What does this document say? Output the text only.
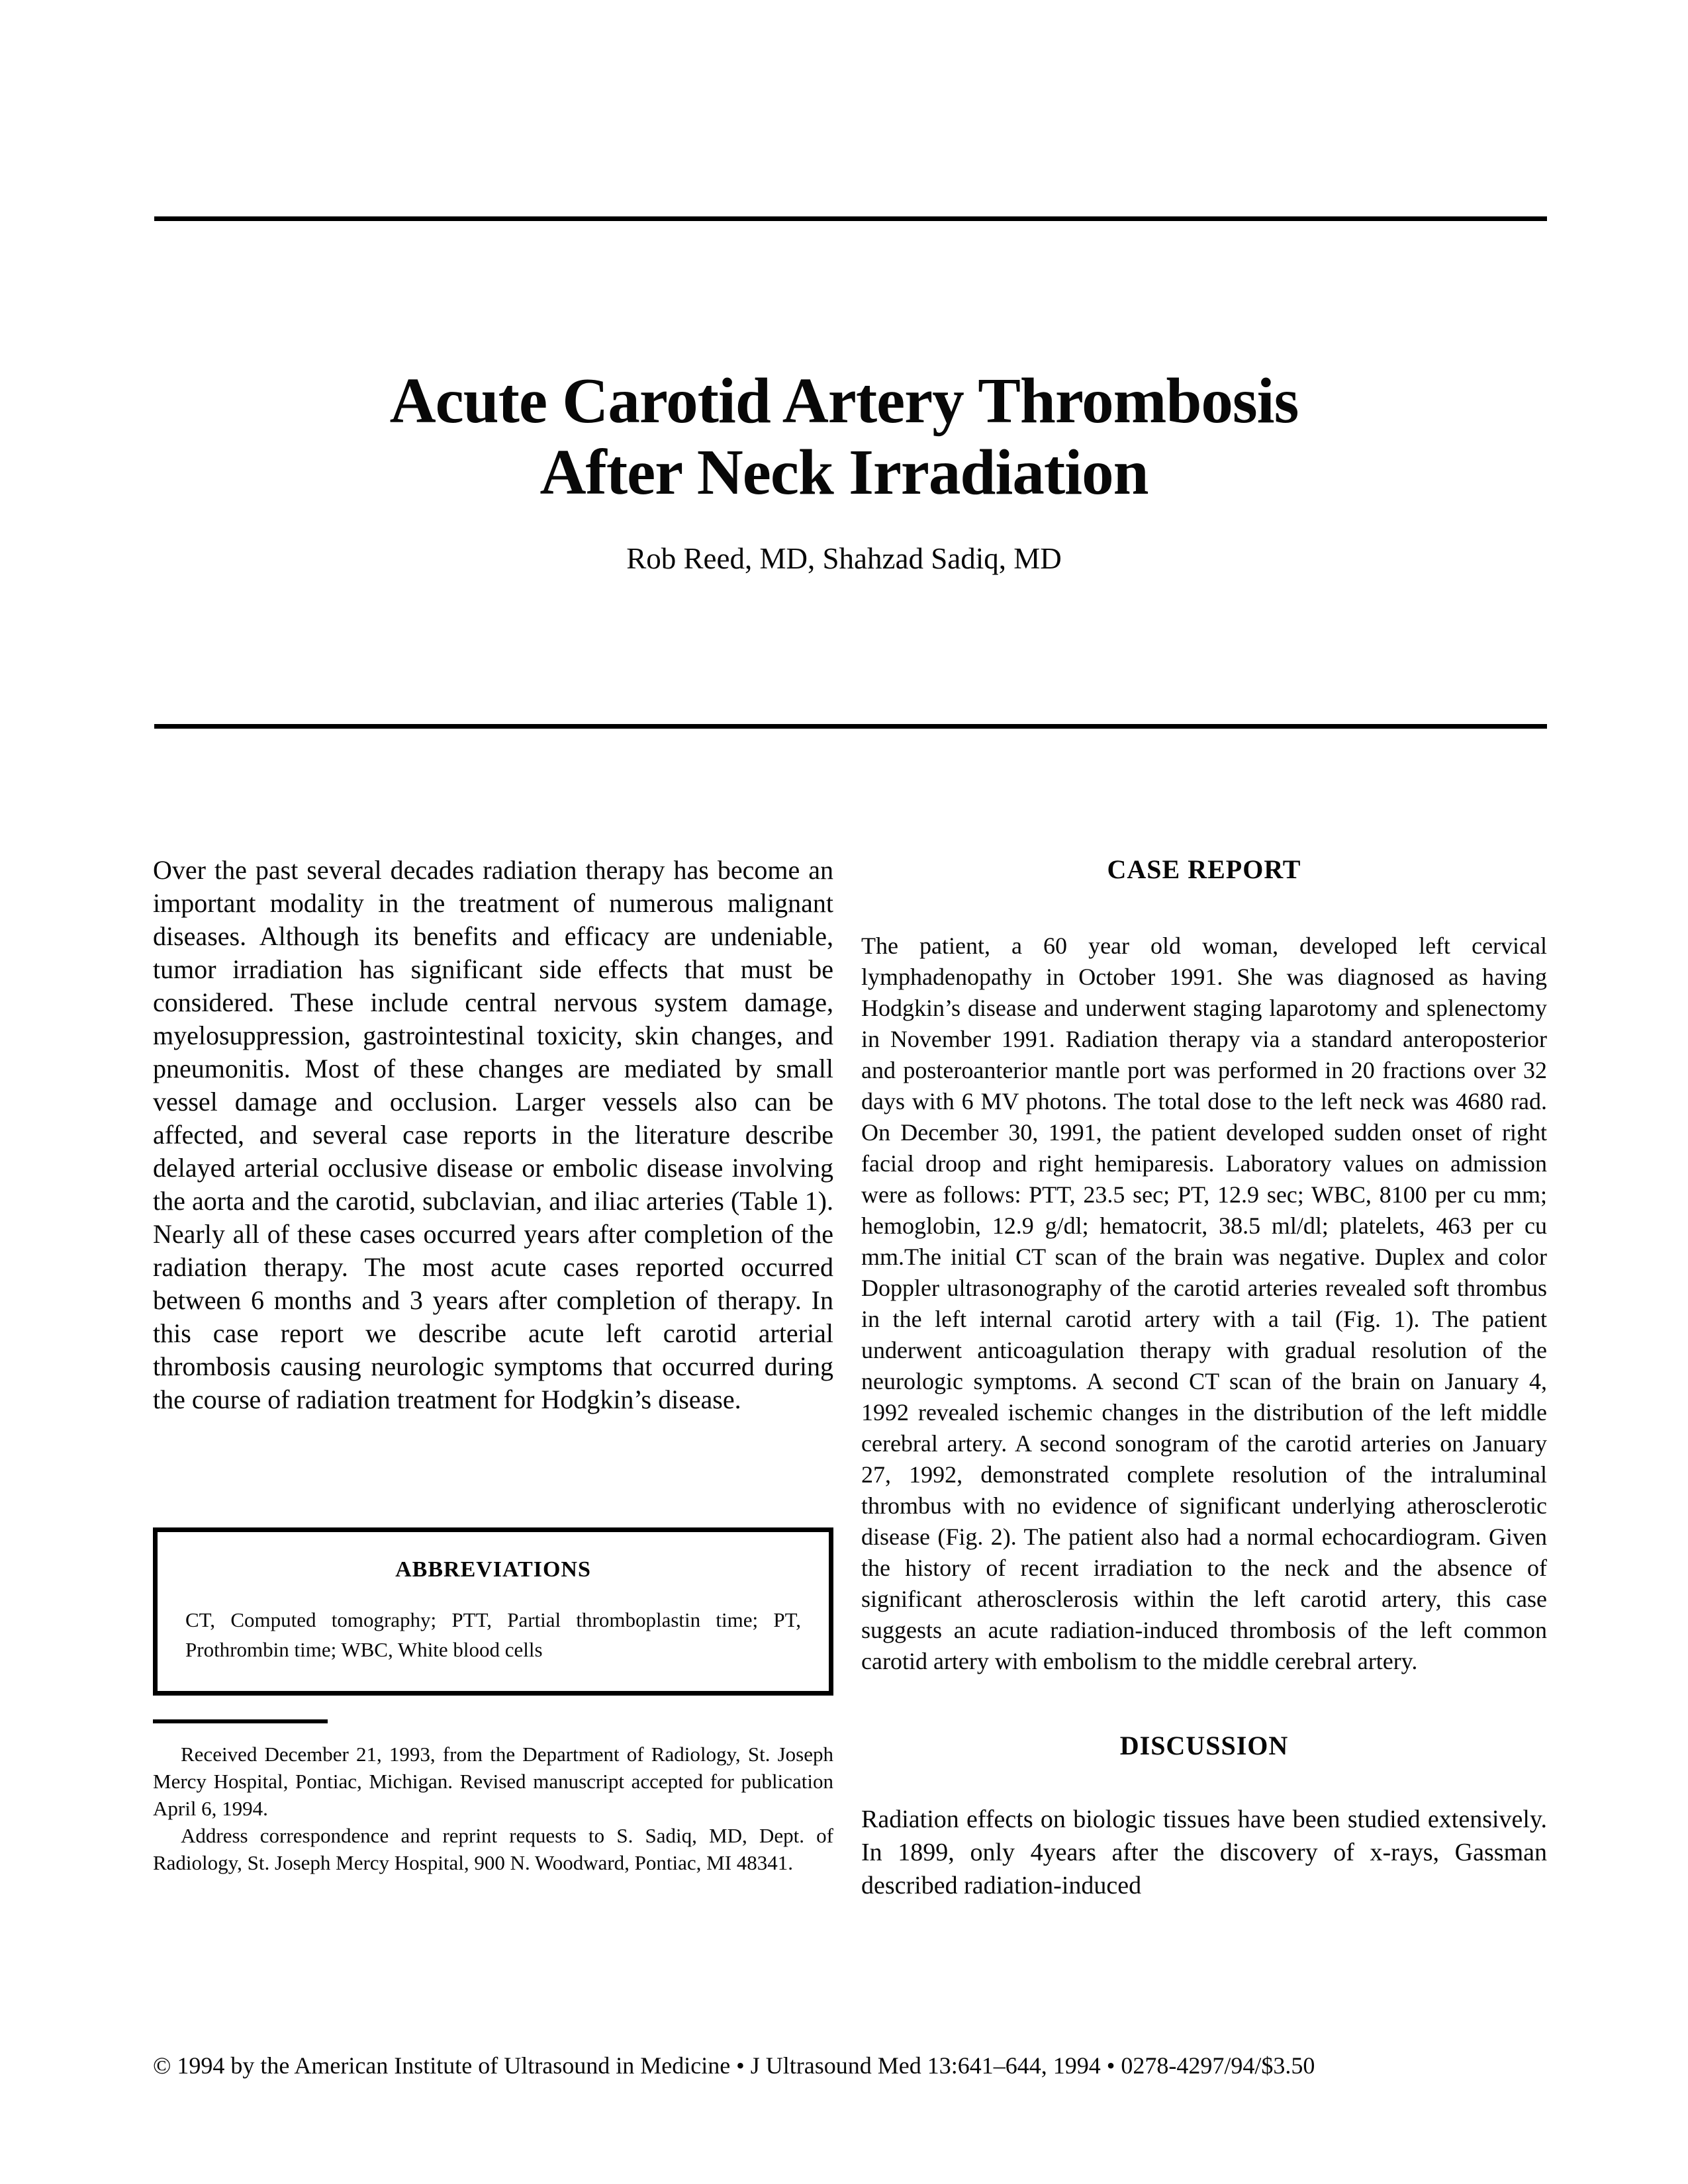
Acute Carotid Artery Thrombosis
After Neck Irradiation
Rob Reed, MD, Shahzad Sadiq, MD

Over the past several decades radiation therapy has become an important modality in the treatment of numerous malignant diseases. Although its benefits and efficacy are undeniable, tumor irradiation has significant side effects that must be considered. These include central nervous system damage, myelosuppression, gastrointestinal toxicity, skin changes, and pneumonitis. Most of these changes are mediated by small vessel damage and occlusion. Larger vessels also can be affected, and several case reports in the literature describe delayed arterial occlusive disease or embolic disease involving the aorta and the carotid, subclavian, and iliac arteries (Table 1). Nearly all of these cases occurred years after completion of the radiation therapy. The most acute cases reported occurred between 6 months and 3 years after completion of therapy. In this case report we describe acute left carotid arterial thrombosis causing neurologic symptoms that occurred during the course of radiation treatment for Hodgkin’s disease.

ABBREVIATIONS

CT, Computed tomography; PTT, Partial thromboplastin time; PT, Prothrombin time; WBC, White blood cells

Received December 21, 1993, from the Department of Radiology, St. Joseph Mercy Hospital, Pontiac, Michigan. Revised manuscript accepted for publication April 6, 1994.

Address correspondence and reprint requests to S. Sadiq, MD, Dept. of Radiology, St. Joseph Mercy Hospital, 900 N. Woodward, Pontiac, MI 48341.

CASE REPORT

The patient, a 60 year old woman, developed left cervical lymphadenopathy in October 1991. She was diagnosed as having Hodgkin’s disease and underwent staging laparotomy and splenectomy in November 1991. Radiation therapy via a standard anteroposterior and posteroanterior mantle port was performed in 20 fractions over 32 days with 6 MV photons. The total dose to the left neck was 4680 rad. On December 30, 1991, the patient developed sudden onset of right facial droop and right hemiparesis. Laboratory values on admission were as follows: PTT, 23.5 sec; PT, 12.9 sec; WBC, 8100 per cu mm; hemoglobin, 12.9 g/dl; hematocrit, 38.5 ml/dl; platelets, 463 per cu mm.The initial CT scan of the brain was negative. Duplex and color Doppler ultrasonography of the carotid arteries revealed soft thrombus in the left internal carotid artery with a tail (Fig. 1). The patient underwent anticoagulation therapy with gradual resolution of the neurologic symptoms. A second CT scan of the brain on January 4, 1992 revealed ischemic changes in the distribution of the left middle cerebral artery. A second sonogram of the carotid arteries on January 27, 1992, demonstrated complete resolution of the intraluminal thrombus with no evidence of significant underlying atherosclerotic disease (Fig. 2). The patient also had a normal echocardiogram. Given the history of recent irradiation to the neck and the absence of significant atherosclerosis within the left carotid artery, this case suggests an acute radiation-induced thrombosis of the left common carotid artery with embolism to the middle cerebral artery.

DISCUSSION

Radiation effects on biologic tissues have been studied extensively. In 1899, only 4years after the discovery of x-rays, Gassman described radiation-induced

© 1994 by the American Institute of Ultrasound in Medicine • J Ultrasound Med 13:641–644, 1994 • 0278-4297/94/$3.50
